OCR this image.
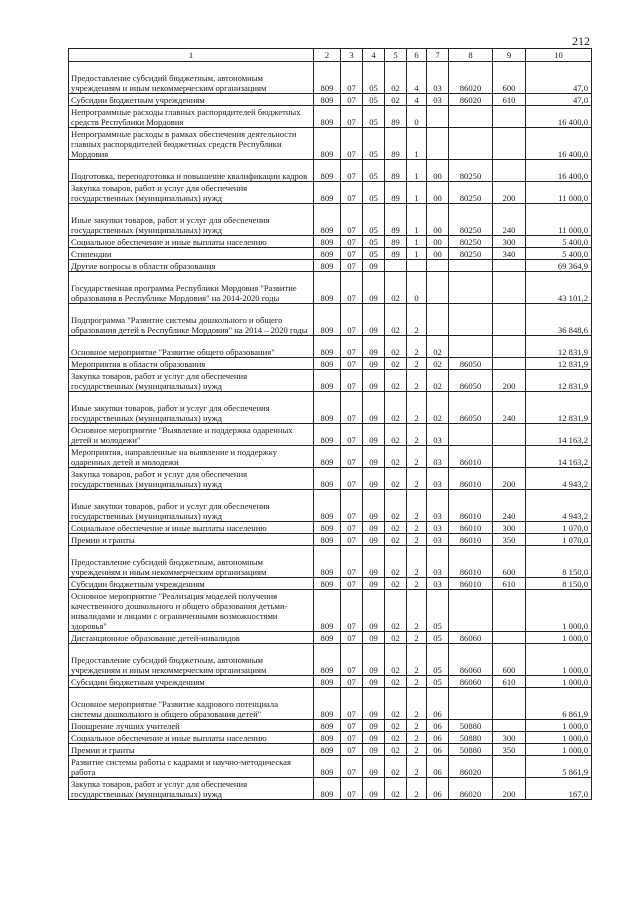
212
1	2	3	4	5	6	7	8	9	10
Предоставление субсидий бюджетным, автономным учреждениям и иным некоммерческим организациям	809	07	05	02	4	03	86020	600	47,0
Субсидии бюджетным учреждениям	809	07	05	02	4	03	86020	610	47,0
Непрограммные расходы главных распорядителей бюджетных средств Республики Мордовия	809	07	05	89	0				16 400,0
Непрограммные расходы в рамках обеспечения деятельности главных распорядителей бюджетных средств Республики Мордовия	809	07	05	89	1				16 400,0
Подготовка, переподготовка и повышение квалификации кадров	809	07	05	89	1	00	80250		16 400,0
Закупка товаров, работ и услуг для обеспечения государственных (муниципальных) нужд	809	07	05	89	1	00	80250	200	11 000,0
Иные закупки товаров, работ и услуг для обеспечения государственных (муниципальных) нужд	809	07	05	89	1	00	80250	240	11 000,0
Социальное обеспечение и иные выплаты населению	809	07	05	89	1	00	80250	300	5 400,0
Стипендии	809	07	05	89	1	00	80250	340	5 400,0
Другие вопросы в области образования	809	07	09						69 364,9
Государственная программа Республики Мордовия "Развитие образования в Республике Мордовия" на 2014-2020 годы	809	07	09	02	0				43 101,2
Подпрограмма "Развитие системы дошкольного и общего образования детей в Республике Мордовия" на 2014 – 2020 годы	809	07	09	02	2				36 848,6
Основное мероприятие "Развитие общего образования"	809	07	09	02	2	02			12 831,9
Мероприятия в области образования	809	07	09	02	2	02	86050		12 831,9
Закупка товаров, работ и услуг для обеспечения государственных (муниципальных) нужд	809	07	09	02	2	02	86050	200	12 831,9
Иные закупки товаров, работ и услуг для обеспечения государственных (муниципальных) нужд	809	07	09	02	2	02	86050	240	12 831,9
Основное мероприятие "Выявление и поддержка одаренных детей и молодежи"	809	07	09	02	2	03			14 163,2
Мероприятия, направленные на выявление и поддержку одаренных детей и молодежи	809	07	09	02	2	03	86010		14 163,2
Закупка товаров, работ и услуг для обеспечения государственных (муниципальных) нужд	809	07	09	02	2	03	86010	200	4 943,2
Иные закупки товаров, работ и услуг для обеспечения государственных (муниципальных) нужд	809	07	09	02	2	03	86010	240	4 943,2
Социальное обеспечение и иные выплаты населению	809	07	09	02	2	03	86010	300	1 070,0
Премии и гранты	809	07	09	02	2	03	86010	350	1 070,0
Предоставление субсидий бюджетным, автономным учреждениям и иным некоммерческим организациям	809	07	09	02	2	03	86010	600	8 150,0
Субсидии бюджетным учреждениям	809	07	09	02	2	03	86010	610	8 150,0
Основное мероприятие "Реализация моделей получения качественного дошкольного и общего образования детьми-инвалидами и лицами с ограниченными возможностями здоровья"	809	07	09	02	2	05			1 000,0
Дистанционное образование детей-инвалидов	809	07	09	02	2	05	86060		1 000,0
Предоставление субсидий бюджетным, автономным учреждениям и иным некоммерческим организациям	809	07	09	02	2	05	86060	600	1 000,0
Субсидии бюджетным учреждениям	809	07	09	02	2	05	86060	610	1 000,0
Основное мероприятие "Развитие кадрового потенциала системы дошкольного и общего образования детей"	809	07	09	02	2	06			6 861,9
Поощрение лучших учителей	809	07	09	02	2	06	50880		1 000,0
Социальное обеспечение и иные выплаты населению	809	07	09	02	2	06	50880	300	1 000,0
Премии и гранты	809	07	09	02	2	06	50880	350	1 000,0
Развитие системы работы с кадрами и научно-методическая работа	809	07	09	02	2	06	86020		5 861,9
Закупка товаров, работ и услуг для обеспечения государственных (муниципальных) нужд	809	07	09	02	2	06	86020	200	167,0
